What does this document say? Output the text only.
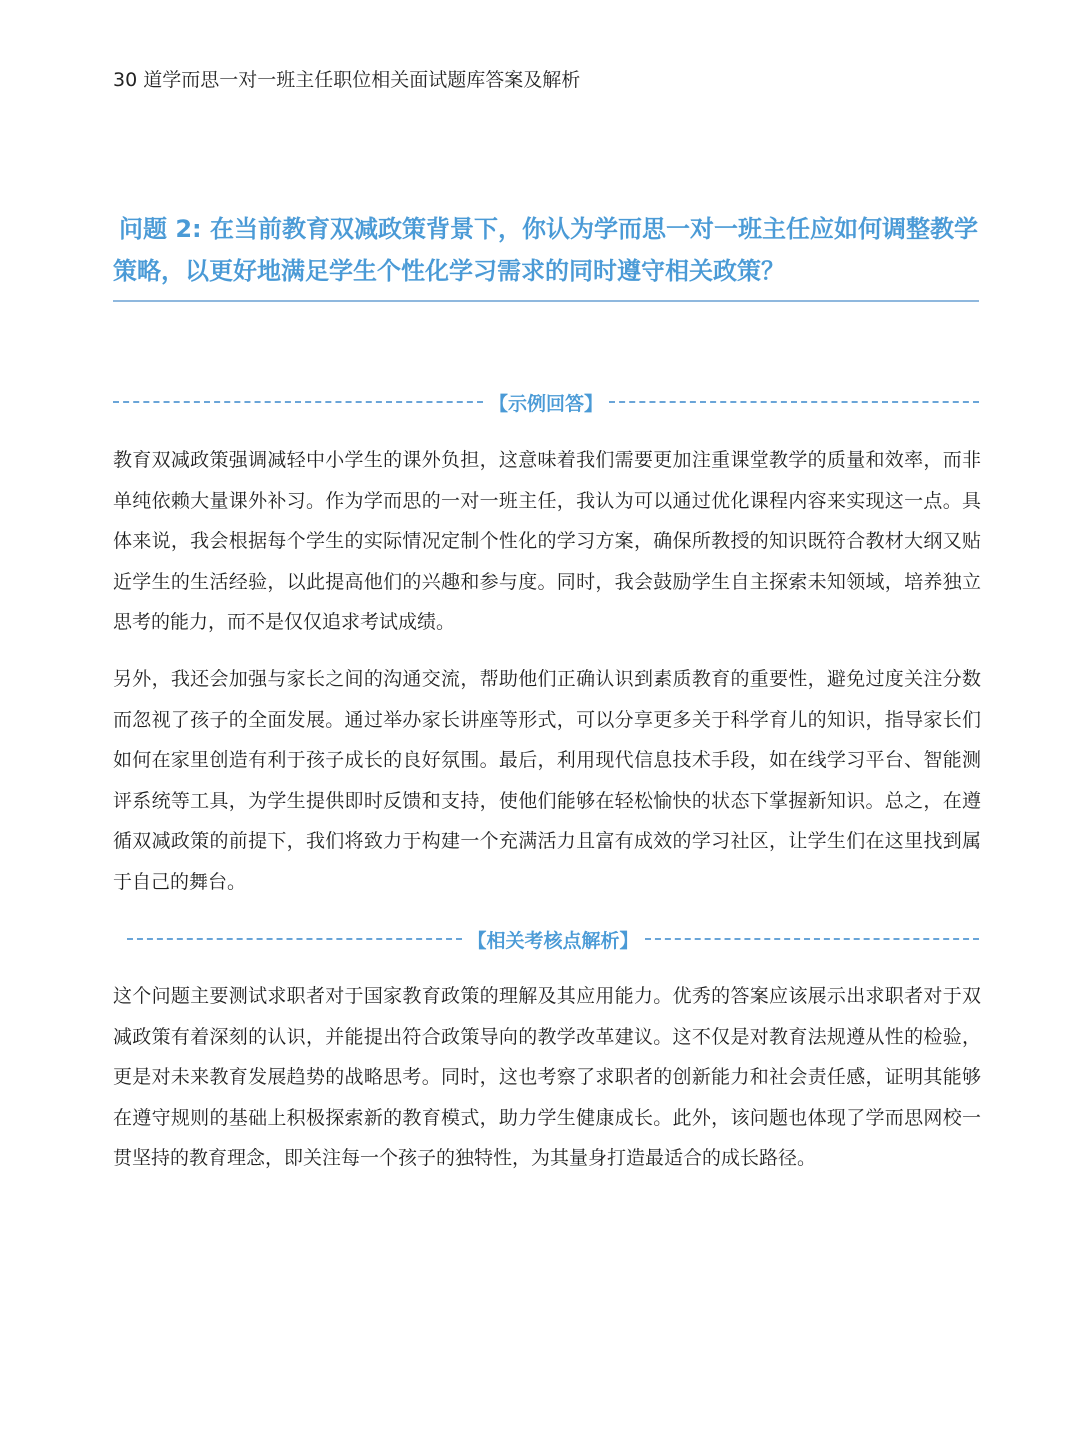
30 道学而思一对一班主任职位相关面试题库答案及解析
问题 2: 在当前教育双减政策背景下，你认为学而思一对一班主任应如何调整教学策略，以更好地满足学生个性化学习需求的同时遵守相关政策？
【示例回答】

教育双减政策强调减轻中小学生的课外负担，这意味着我们需要更加注重课堂教学的质量和效率，而非单纯依赖大量课外补习。作为学而思的一对一班主任，我认为可以通过优化课程内容来实现这一点。具体来说，我会根据每个学生的实际情况定制个性化的学习方案，确保所教授的知识既符合教材大纲又贴近学生的生活经验，以此提高他们的兴趣和参与度。同时，我会鼓励学生自主探索未知领域，培养独立思考的能力，而不是仅仅追求考试成绩。

另外，我还会加强与家长之间的沟通交流，帮助他们正确认识到素质教育的重要性，避免过度关注分数而忽视了孩子的全面发展。通过举办家长讲座等形式，可以分享更多关于科学育儿的知识，指导家长们如何在家里创造有利于孩子成长的良好氛围。最后，利用现代信息技术手段，如在线学习平台、智能测评系统等工具，为学生提供即时反馈和支持，使他们能够在轻松愉快的状态下掌握新知识。总之，在遵循双减政策的前提下，我们将致力于构建一个充满活力且富有成效的学习社区，让学生们在这里找到属于自己的舞台。

【相关考核点解析】

这个问题主要测试求职者对于国家教育政策的理解及其应用能力。优秀的答案应该展示出求职者对于双减政策有着深刻的认识，并能提出符合政策导向的教学改革建议。这不仅是对教育法规遵从性的检验，更是对未来教育发展趋势的战略思考。同时，这也考察了求职者的创新能力和社会责任感，证明其能够在遵守规则的基础上积极探索新的教育模式，助力学生健康成长。此外，该问题也体现了学而思网校一贯坚持的教育理念，即关注每一个孩子的独特性，为其量身打造最适合的成长路径。
